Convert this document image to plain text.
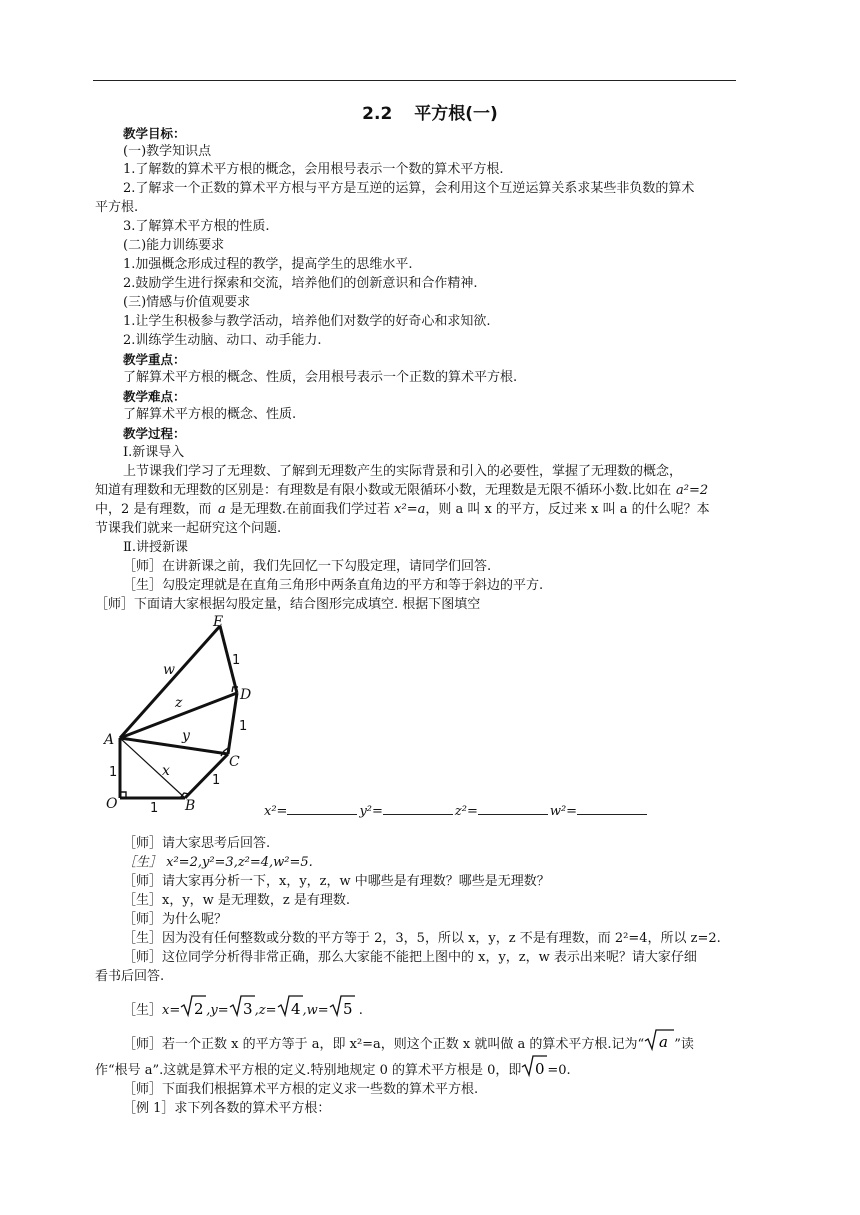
2.2 平方根(一)
教学目标：
(一)教学知识点
1.了解数的算术平方根的概念，会用根号表示一个数的算术平方根.
2.了解求一个正数的算术平方根与平方是互逆的运算，会利用这个互逆运算关系求某些非负数的算术
平方根.
3.了解算术平方根的性质.
(二)能力训练要求
1.加强概念形成过程的教学，提高学生的思维水平.
2.鼓励学生进行探索和交流，培养他们的创新意识和合作精神.
(三)情感与价值观要求
1.让学生积极参与教学活动，培养他们对数学的好奇心和求知欲.
2.训练学生动脑、动口、动手能力.
教学重点：
了解算术平方根的概念、性质，会用根号表示一个正数的算术平方根.
教学难点：
了解算术平方根的概念、性质.
教学过程：
Ⅰ.新课导入
上节课我们学习了无理数、了解到无理数产生的实际背景和引入的必要性，掌握了无理数的概念，
知道有理数和无理数的区别是：有理数是有限小数或无限循环小数，无理数是无限不循环小数.比如在
中，2 是有理数，而
节课我们就来一起研究这个问题.
Ⅱ.讲授新课
［师］在讲新课之前，我们先回忆一下勾股定理，请同学们回答.
［生］勾股定理就是在直角三角形中两条直角边的平方和等于斜边的平方.
［师］下面请大家根据勾股定量，结合图形完成填空. 根据下图填空
［师］请大家思考后回答.
［师］请大家再分析一下，x，y，z，w 中哪些是有理数？哪些是无理数？
［生］x，y，w 是无理数，z 是有理数.
［师］为什么呢？
［生］因为没有任何整数或分数的平方等于 2，3，5，所以 x，y，z 不是有理数，而 2²=4，所以 z=2.
［师］这位同学分析得非常正确，那么大家能不能把上图中的 x，y，z，w 表示出来呢？请大家仔细
看书后回答.
［师］下面我们根据算术平方根的定义求一些数的算术平方根.
［例 1］求下列各数的算术平方根：
a²=2
a 是无理数.在前面我们学过若 x²=a，则 a 叫 x 的平方，反过来 x 叫 a 的什么呢？本
E
D
C
A
O	B
w
z
y
x
1
1
1
1
1	x²=	y²=	z²=	w²=
［生］ x²=2,y²=3,z²=4,w²=5.
［生］x= 2 ,y= 3 ,z= 4 ,w= 5 .
［师］若一个正数 x 的平方等于 a，即 x²=a，则这个正数 x 就叫做 a 的算术平方根.记为“ a ”读
作“根号 a”.这就是算术平方根的定义.特别地规定 0 的算术平方根是 0，即 0 =0.
